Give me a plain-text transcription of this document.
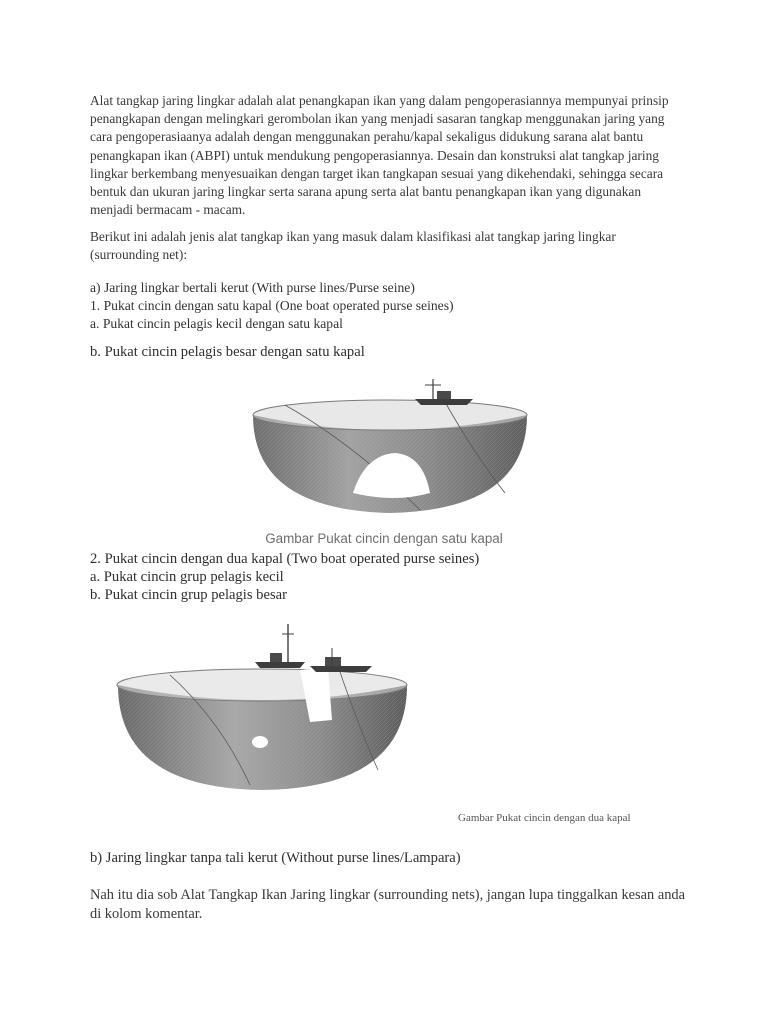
Alat tangkap jaring lingkar adalah alat penangkapan ikan yang dalam pengoperasiannya mempunyai prinsip penangkapan dengan melingkari gerombolan ikan yang menjadi sasaran tangkap menggunakan jaring yang cara pengoperasiaanya adalah dengan menggunakan perahu/kapal sekaligus didukung sarana alat bantu penangkapan ikan (ABPI) untuk mendukung pengoperasiannya. Desain dan konstruksi alat tangkap jaring lingkar berkembang menyesuaikan dengan target ikan tangkapan sesuai yang dikehendaki, sehingga secara bentuk dan ukuran jaring lingkar serta sarana apung serta alat bantu penangkapan ikan yang digunakan menjadi bermacam - macam.

Berikut ini adalah jenis alat tangkap ikan yang masuk dalam klasifikasi alat tangkap jaring lingkar (surrounding net):

a) Jaring lingkar bertali kerut (With purse lines/Purse seine)

1. Pukat cincin dengan satu kapal (One boat operated purse seines)

a. Pukat cincin pelagis kecil dengan satu kapal

b. Pukat cincin pelagis besar dengan satu kapal

Gambar Pukat cincin dengan satu kapal

2. Pukat cincin dengan dua kapal (Two boat operated purse seines)

a. Pukat cincin grup pelagis kecil

b. Pukat cincin grup pelagis besar

Gambar Pukat cincin dengan dua kapal

b) Jaring lingkar tanpa tali kerut (Without purse lines/Lampara)

Nah itu dia sob Alat Tangkap Ikan Jaring lingkar (surrounding nets), jangan lupa tinggalkan kesan anda di kolom komentar.
